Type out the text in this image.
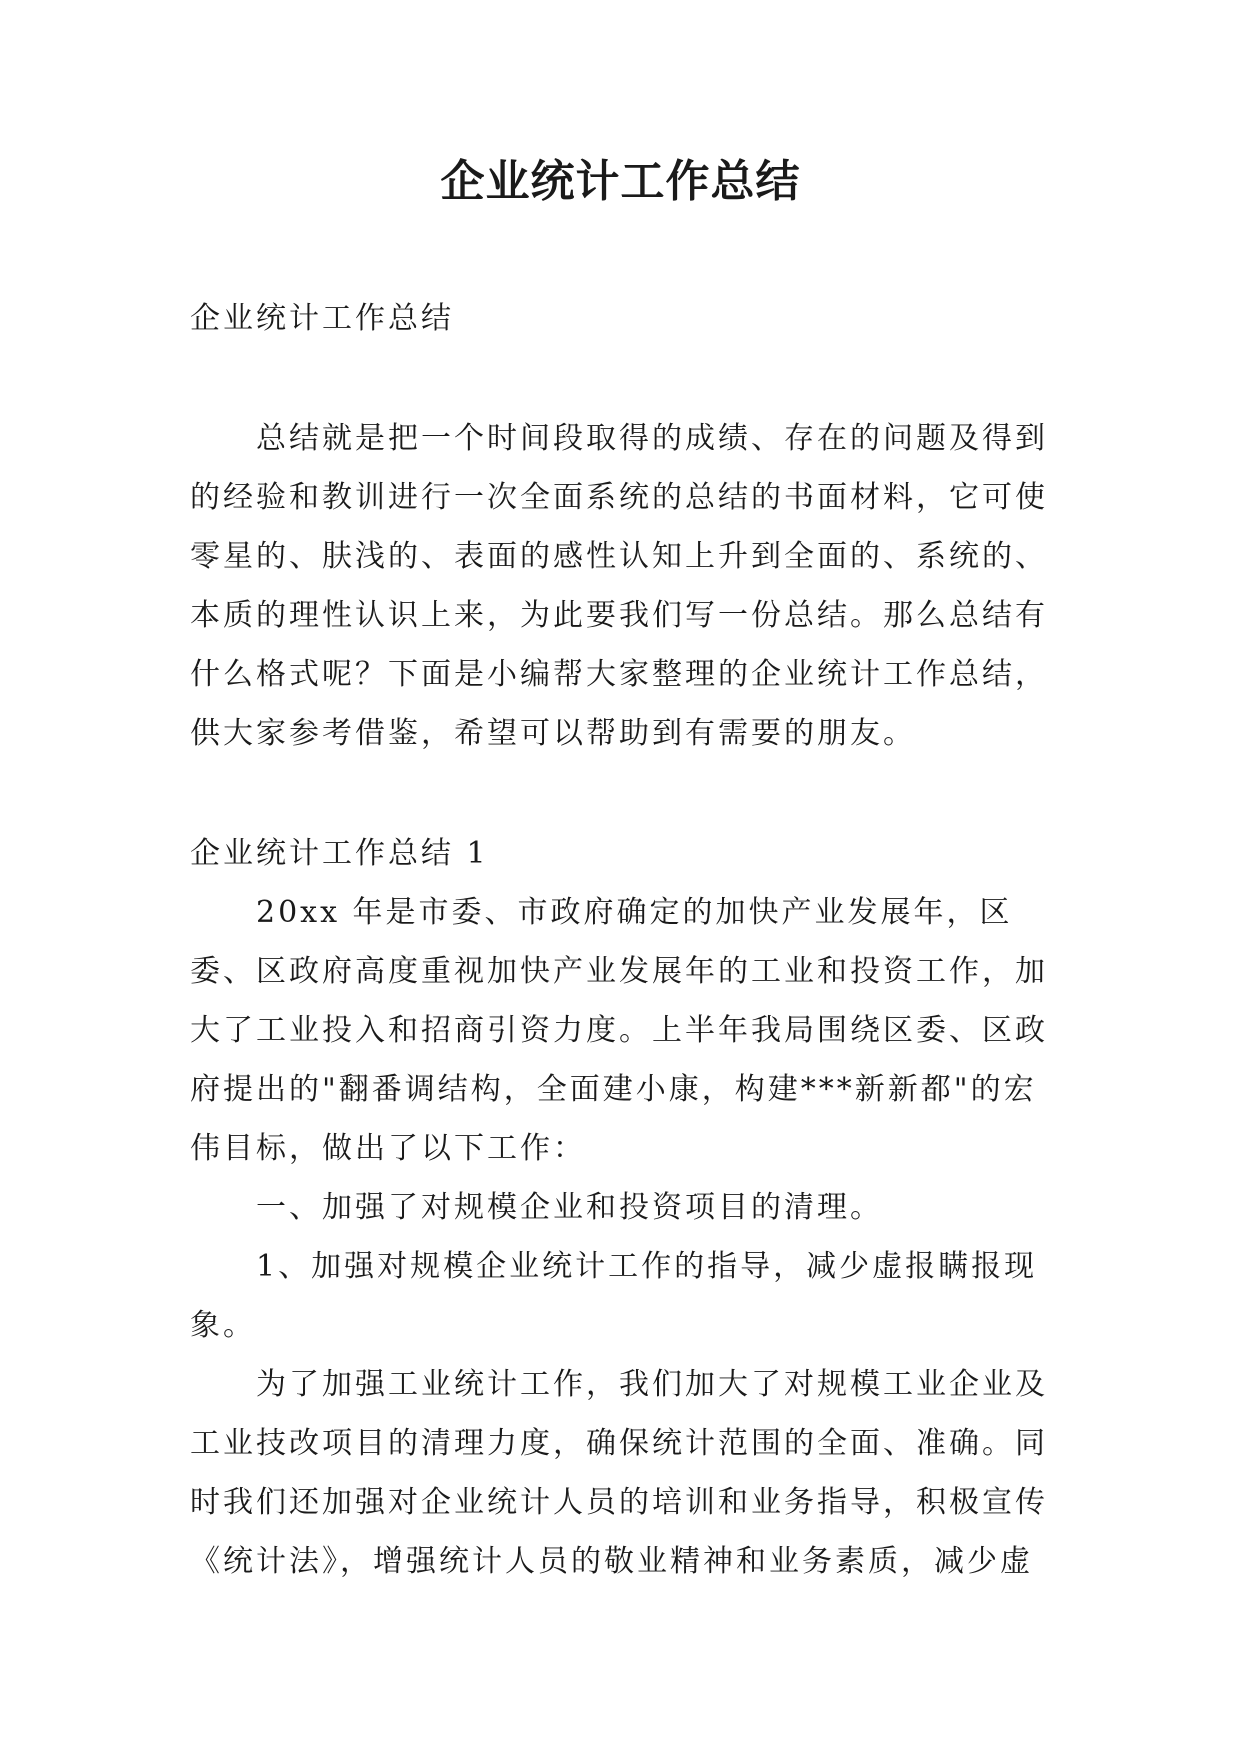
企业统计工作总结

企业统计工作总结

总结就是把一个时间段取得的成绩、存在的问题及得到的经验和教训进行一次全面系统的总结的书面材料，它可使零星的、肤浅的、表面的感性认知上升到全面的、系统的、本质的理性认识上来，为此要我们写一份总结。那么总结有什么格式呢？下面是小编帮大家整理的企业统计工作总结，供大家参考借鉴，希望可以帮助到有需要的朋友。

企业统计工作总结 1

20xx 年是市委、市政府确定的加快产业发展年，区委、区政府高度重视加快产业发展年的工业和投资工作，加大了工业投入和招商引资力度。上半年我局围绕区委、区政府提出的"翻番调结构，全面建小康，构建***新新都"的宏伟目标，做出了以下工作：

一、加强了对规模企业和投资项目的清理。

1、加强对规模企业统计工作的指导，减少虚报瞒报现象。

为了加强工业统计工作，我们加大了对规模工业企业及工业技改项目的清理力度，确保统计范围的全面、准确。同时我们还加强对企业统计人员的培训和业务指导，积极宣传《统计法》，增强统计人员的敬业精神和业务素质，减少虚
